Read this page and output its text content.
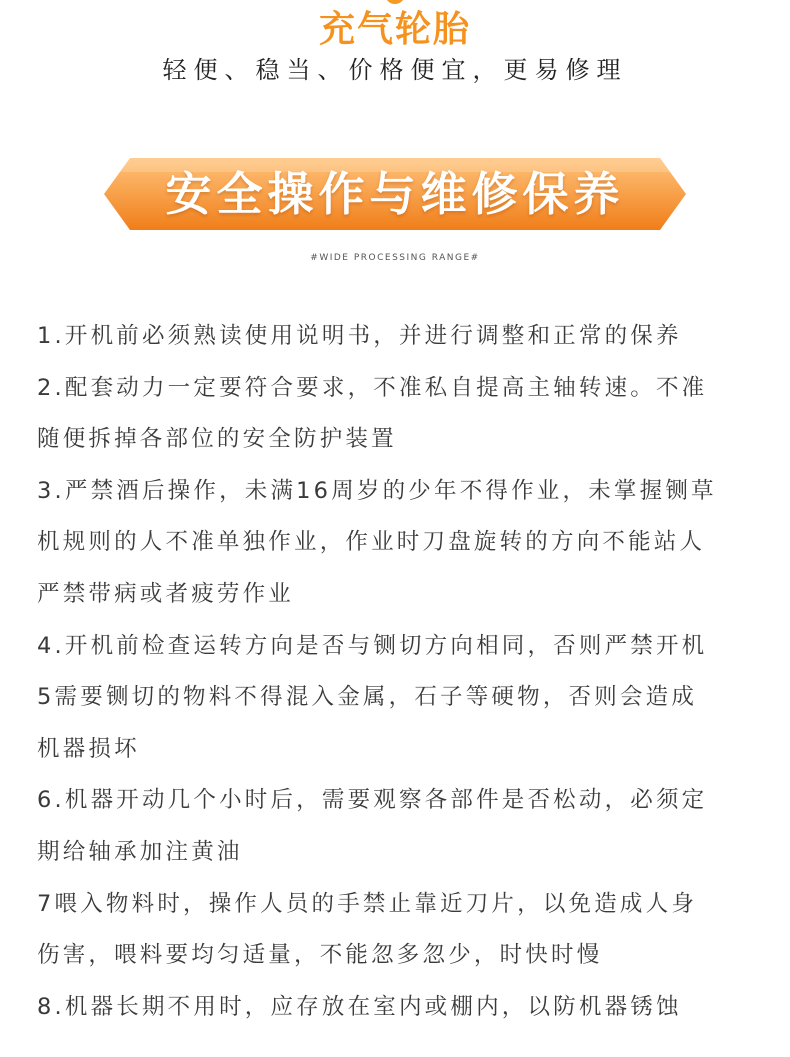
充气轮胎
轻便、稳当、价格便宜，更易修理
安全操作与维修保养
#WIDE PROCESSING RANGE#
1.开机前必须熟读使用说明书，并进行调整和正常的保养
2.配套动力一定要符合要求，不准私自提高主轴转速。不准
随便拆掉各部位的安全防护装置
3.严禁酒后操作，未满16周岁的少年不得作业，未掌握铡草
机规则的人不准单独作业，作业时刀盘旋转的方向不能站人
严禁带病或者疲劳作业
4.开机前检查运转方向是否与铡切方向相同，否则严禁开机
5需要铡切的物料不得混入金属，石子等硬物，否则会造成
机器损坏
6.机器开动几个小时后，需要观察各部件是否松动，必须定
期给轴承加注黄油
7喂入物料时，操作人员的手禁止靠近刀片，以免造成人身
伤害，喂料要均匀适量，不能忽多忽少，时快时慢
8.机器长期不用时，应存放在室内或棚内，以防机器锈蚀
